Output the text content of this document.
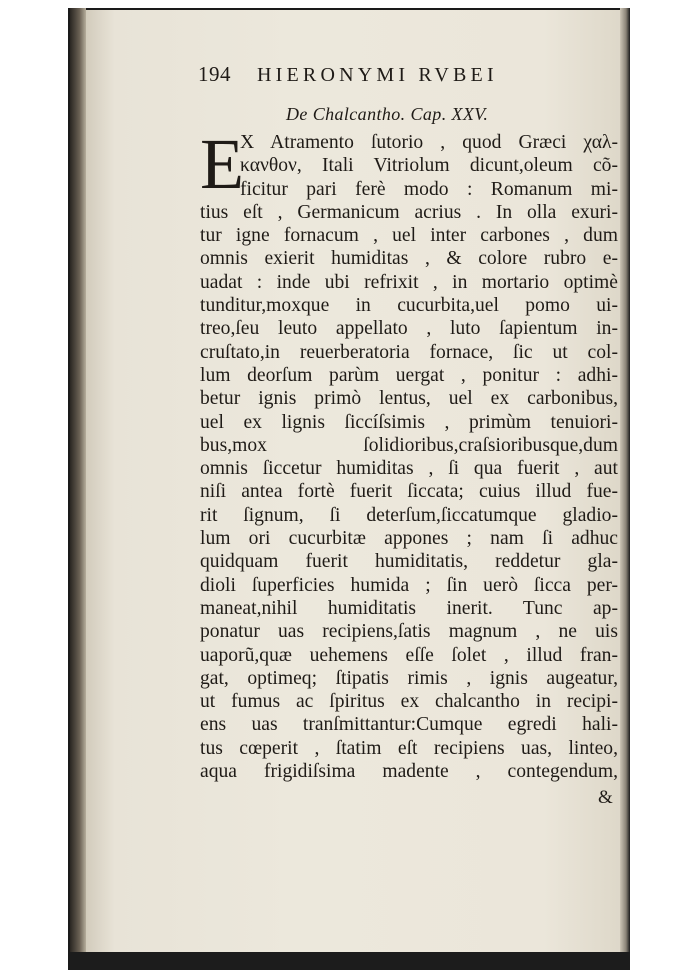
194 HIERONYMI RVBEI
De Chalcantho. Cap. XXV.
E
X Atramento ſutorio , quod Græci χαλ-
κανθον, Itali Vitriolum dicunt,oleum cõ-
ficitur pari ferè modo : Romanum mi-
tius eſt , Germanicum acrius . In olla exuri-
tur igne fornacum , uel inter carbones , dum
omnis exierit humiditas , & colore rubro e-
uadat : inde ubi refrixit , in mortario optimè
tunditur,moxque in cucurbita,uel pomo ui-
treo,ſeu leuto appellato , luto ſapientum in-
cruſtato,in reuerberatoria fornace, ſic ut col-
lum deorſum parùm uergat , ponitur : adhi-
betur ignis primò lentus, uel ex carbonibus,
uel ex lignis ſiccíſsimis , primùm tenuiori-
bus,mox ſolidioribus,craſsioribusque,dum
omnis ſiccetur humiditas , ſi qua fuerit , aut
niſi antea fortè fuerit ſiccata; cuius illud fue-
rit ſignum, ſi deterſum,ſiccatumque gladio-
lum ori cucurbitæ appones ; nam ſi adhuc
quidquam fuerit humiditatis, reddetur gla-
dioli ſuperficies humida ; ſin uerò ſicca per-
maneat,nihil humiditatis inerit. Tunc ap-
ponatur uas recipiens,ſatis magnum , ne uis
uaporũ,quæ uehemens eſſe ſolet , illud fran-
gat, optimeq; ſtipatis rimis , ignis augeatur,
ut fumus ac ſpiritus ex chalcantho in recipi-
ens uas tranſmittantur:Cumque egredi hali-
tus cœperit , ſtatim eſt recipiens uas, linteo,
aqua frigidiſsima madente , contegendum,
&
